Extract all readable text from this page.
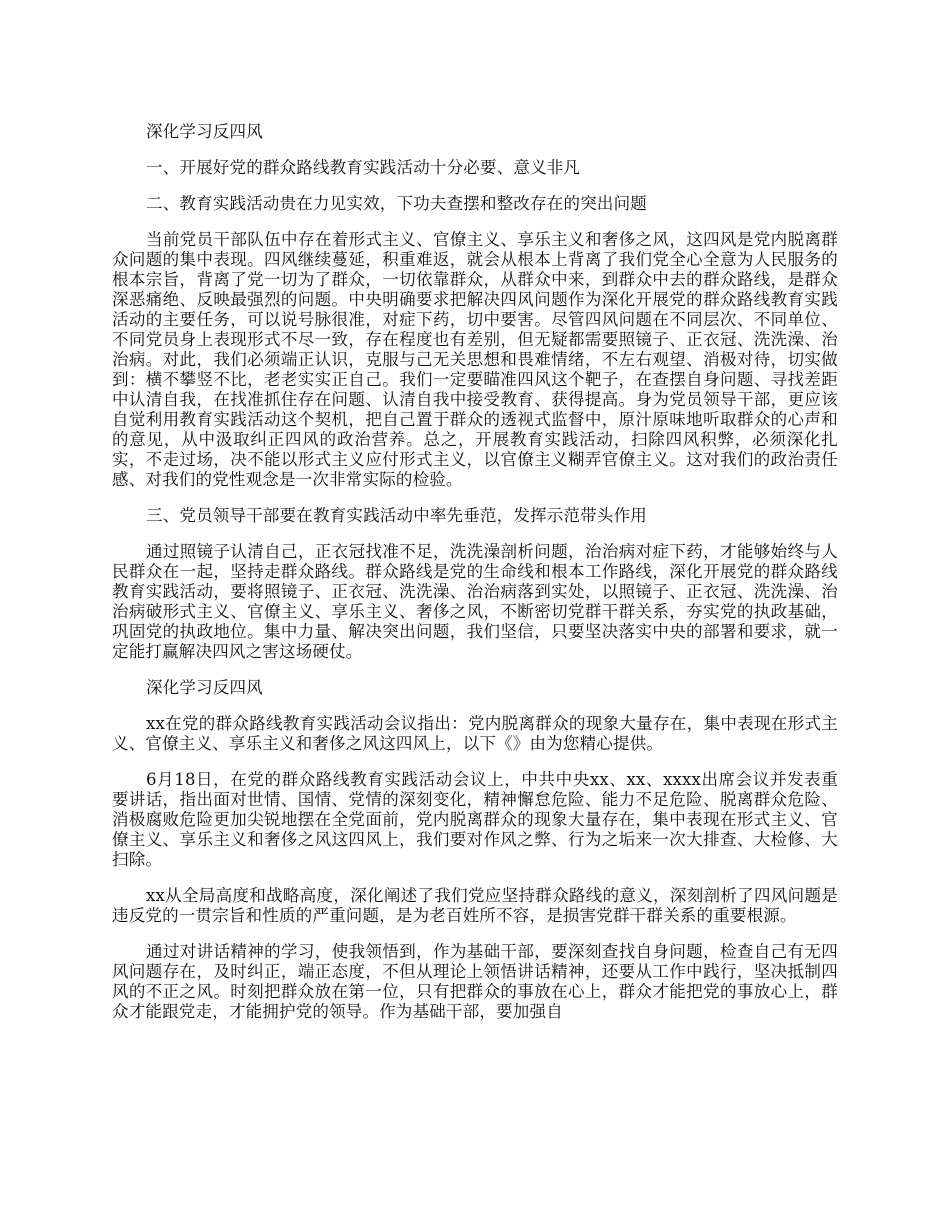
深化学习反四风

一、开展好党的群众路线教育实践活动十分必要、意义非凡

二、教育实践活动贵在力见实效，下功夫查摆和整改存在的突出问题

当前党员干部队伍中存在着形式主义、官僚主义、享乐主义和奢侈之风，这四风是党内脱离群众问题的集中表现。四风继续蔓延，积重难返，就会从根本上背离了我们党全心全意为人民服务的根本宗旨，背离了党一切为了群众，一切依靠群众，从群众中来，到群众中去的群众路线，是群众深恶痛绝、反映最强烈的问题。中央明确要求把解决四风问题作为深化开展党的群众路线教育实践活动的主要任务，可以说号脉很准，对症下药，切中要害。尽管四风问题在不同层次、不同单位、不同党员身上表现形式不尽一致，存在程度也有差别，但无疑都需要照镜子、正衣冠、洗洗澡、治治病。对此，我们必须端正认识，克服与己无关思想和畏难情绪，不左右观望、消极对待，切实做到：横不攀竖不比，老老实实正自己。我们一定要瞄准四风这个靶子，在查摆自身问题、寻找差距中认清自我，在找准抓住存在问题、认清自我中接受教育、获得提高。身为党员领导干部，更应该自觉利用教育实践活动这个契机，把自己置于群众的透视式监督中，原汁原味地听取群众的心声和的意见，从中汲取纠正四风的政治营养。总之，开展教育实践活动，扫除四风积弊，必须深化扎实，不走过场，决不能以形式主义应付形式主义，以官僚主义糊弄官僚主义。这对我们的政治责任感、对我们的党性观念是一次非常实际的检验。

三、党员领导干部要在教育实践活动中率先垂范，发挥示范带头作用

通过照镜子认清自己，正衣冠找准不足，洗洗澡剖析问题，治治病对症下药，才能够始终与人民群众在一起，坚持走群众路线。群众路线是党的生命线和根本工作路线，深化开展党的群众路线教育实践活动，要将照镜子、正衣冠、洗洗澡、治治病落到实处，以照镜子、正衣冠、洗洗澡、治治病破形式主义、官僚主义、享乐主义、奢侈之风，不断密切党群干群关系，夯实党的执政基础，巩固党的执政地位。集中力量、解决突出问题，我们坚信，只要坚决落实中央的部署和要求，就一定能打赢解决四风之害这场硬仗。

深化学习反四风

xx在党的群众路线教育实践活动会议指出：党内脱离群众的现象大量存在，集中表现在形式主义、官僚主义、享乐主义和奢侈之风这四风上，以下《》由为您精心提供。

6月18日，在党的群众路线教育实践活动会议上，中共中央xx、xx、xxxx出席会议并发表重要讲话，指出面对世情、国情、党情的深刻变化，精神懈怠危险、能力不足危险、脱离群众危险、消极腐败危险更加尖锐地摆在全党面前，党内脱离群众的现象大量存在，集中表现在形式主义、官僚主义、享乐主义和奢侈之风这四风上，我们要对作风之弊、行为之垢来一次大排查、大检修、大扫除。

xx从全局高度和战略高度，深化阐述了我们党应坚持群众路线的意义，深刻剖析了四风问题是违反党的一贯宗旨和性质的严重问题，是为老百姓所不容，是损害党群干群关系的重要根源。

通过对讲话精神的学习，使我领悟到，作为基础干部，要深刻查找自身问题，检查自己有无四风问题存在，及时纠正，端正态度，不但从理论上领悟讲话精神，还要从工作中践行，坚决抵制四风的不正之风。时刻把群众放在第一位，只有把群众的事放在心上，群众才能把党的事放心上，群众才能跟党走，才能拥护党的领导。作为基础干部，要加强自
